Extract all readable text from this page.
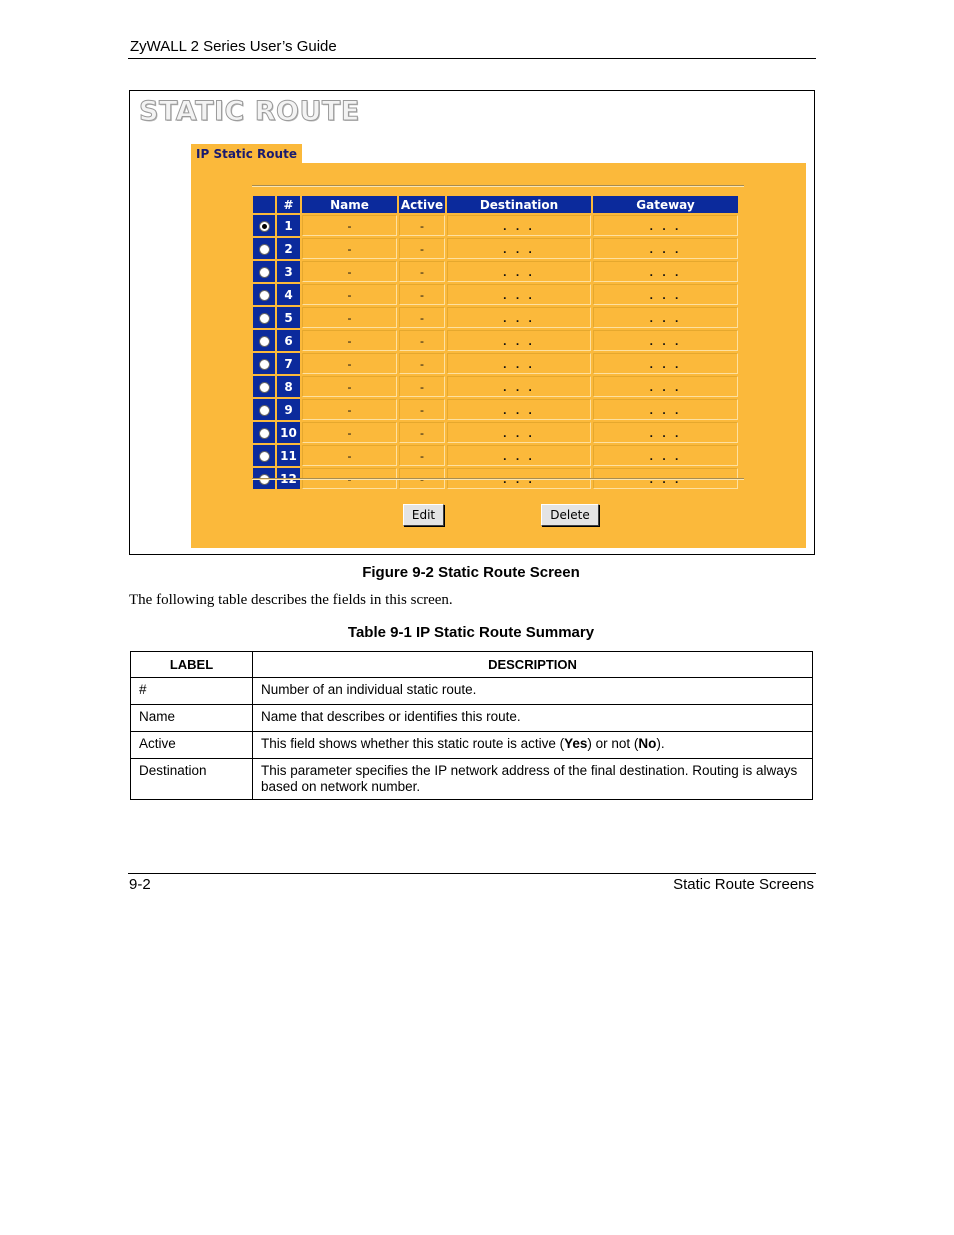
ZyWALL 2 Series User’s Guide
STATIC ROUTE
IP Static Route
	#	Name	Active	Destination	Gateway
	1	-	-	. . .	. . .
	2	-	-	. . .	. . .
	3	-	-	. . .	. . .
	4	-	-	. . .	. . .
	5	-	-	. . .	. . .
	6	-	-	. . .	. . .
	7	-	-	. . .	. . .
	8	-	-	. . .	. . .
	9	-	-	. . .	. . .
	10	-	-	. . .	. . .
	11	-	-	. . .	. . .
	12	-	-	. . .	. . .
Edit	Delete
Figure 9-2 Static Route Screen
The following table describes the fields in this screen.
Table 9-1 IP Static Route Summary
LABEL	DESCRIPTION
#	Number of an individual static route.
Name	Name that describes or identifies this route.
Active	This field shows whether this static route is active (Yes) or not (No).
Destination	This parameter specifies the IP network address of the final destination. Routing is always based on network number.
9-2	Static Route Screens
